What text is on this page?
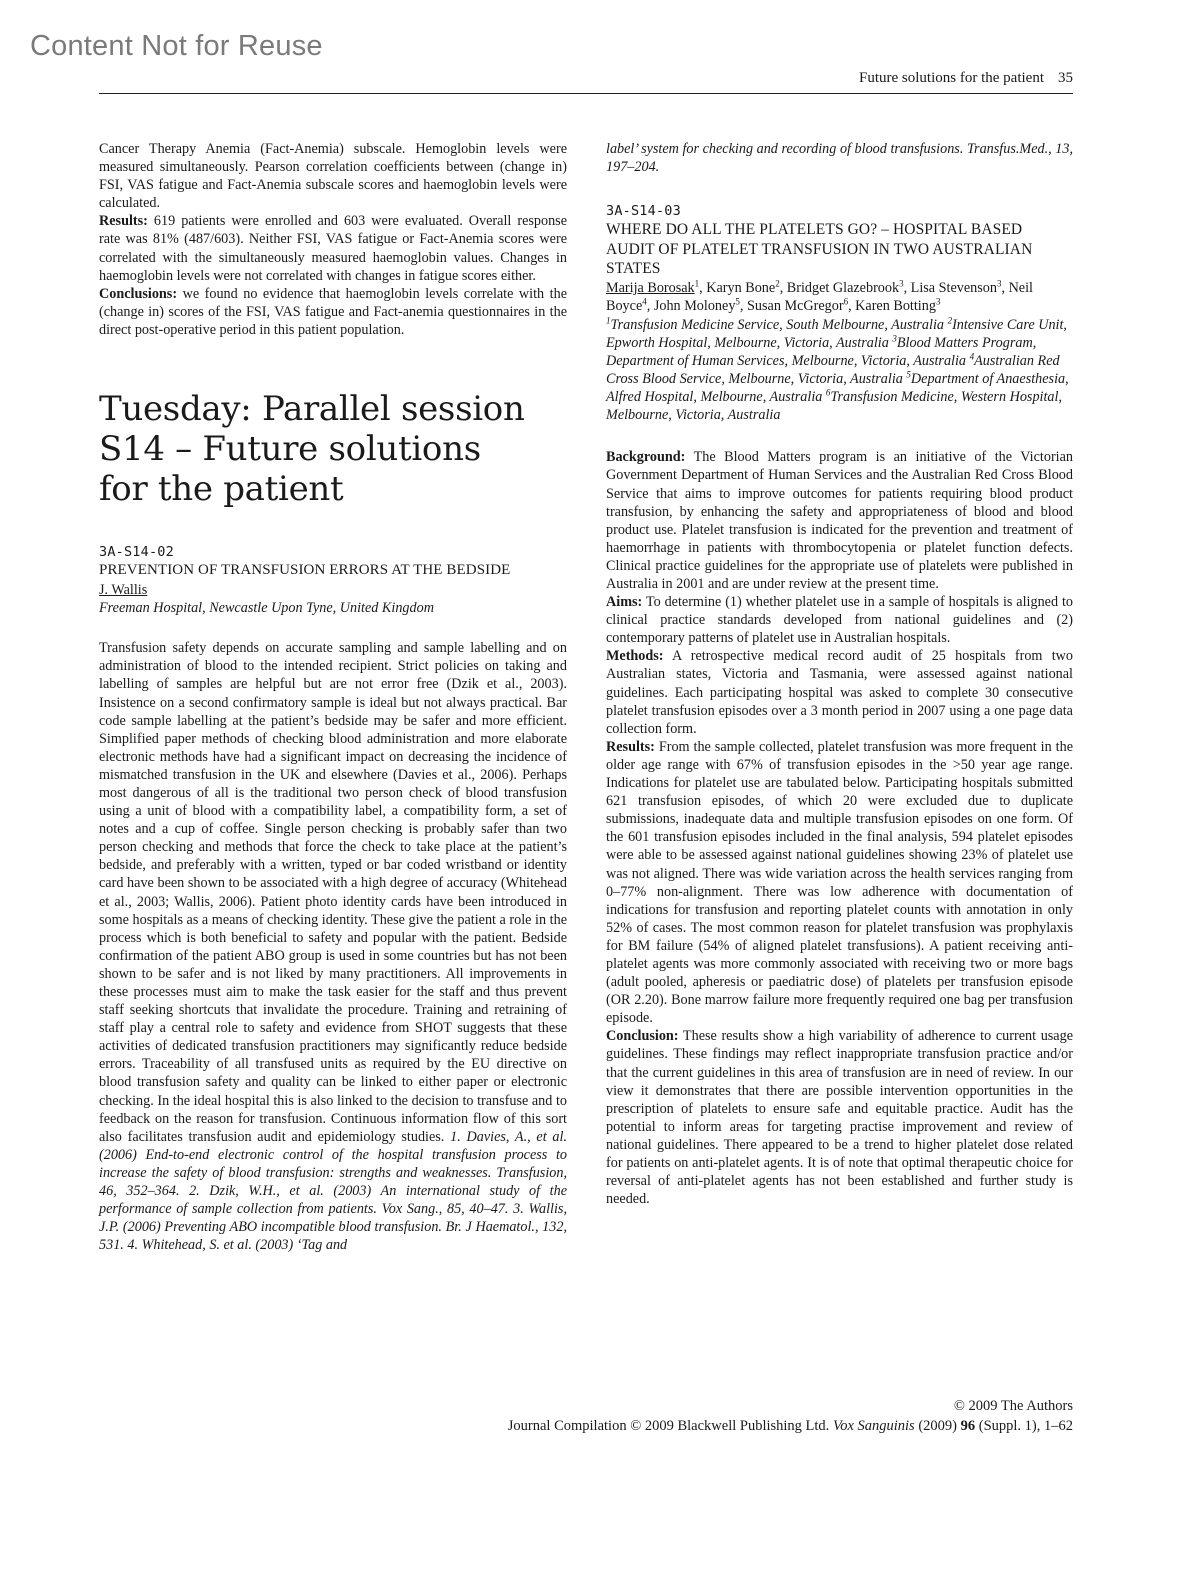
Content Not for Reuse
Future solutions for the patient 35

Cancer Therapy Anemia (Fact-Anemia) subscale. Hemoglobin levels were measured simultaneously. Pearson correlation coefficients between (change in) FSI, VAS fatigue and Fact-Anemia subscale scores and haemoglobin levels were calculated.

Results: 619 patients were enrolled and 603 were evaluated. Overall response rate was 81% (487/603). Neither FSI, VAS fatigue or Fact-Anemia scores were correlated with the simultaneously measured haemoglobin values. Changes in haemoglobin levels were not correlated with changes in fatigue scores either.

Conclusions: we found no evidence that haemoglobin levels correlate with the (change in) scores of the FSI, VAS fatigue and Fact-anemia questionnaires in the direct post-operative period in this patient population.

Tuesday: Parallel session S14 – Future solutions for the patient
3A-S14-02
PREVENTION OF TRANSFUSION ERRORS AT THE BEDSIDE
J. Wallis
Freeman Hospital, Newcastle Upon Tyne, United Kingdom

Transfusion safety depends on accurate sampling and sample labelling and on administration of blood to the intended recipient. Strict policies on taking and labelling of samples are helpful but are not error free (Dzik et al., 2003). Insistence on a second confirmatory sample is ideal but not always practical. Bar code sample labelling at the patient’s bedside may be safer and more efficient. Simplified paper methods of checking blood administration and more elaborate electronic methods have had a significant impact on decreasing the incidence of mismatched transfusion in the UK and elsewhere (Davies et al., 2006). Perhaps most dangerous of all is the traditional two person check of blood transfusion using a unit of blood with a compatibility label, a compatibility form, a set of notes and a cup of coffee. Single person checking is probably safer than two person checking and methods that force the check to take place at the patient’s bedside, and preferably with a written, typed or bar coded wristband or identity card have been shown to be associated with a high degree of accuracy (Whitehead et al., 2003; Wallis, 2006). Patient photo identity cards have been introduced in some hospitals as a means of checking identity. These give the patient a role in the process which is both beneficial to safety and popular with the patient. Bedside confirmation of the patient ABO group is used in some countries but has not been shown to be safer and is not liked by many practitioners. All improvements in these processes must aim to make the task easier for the staff and thus prevent staff seeking shortcuts that invalidate the procedure. Training and retraining of staff play a central role to safety and evidence from SHOT suggests that these activities of dedicated transfusion practitioners may significantly reduce bedside errors. Traceability of all transfused units as required by the EU directive on blood transfusion safety and quality can be linked to either paper or electronic checking. In the ideal hospital this is also linked to the decision to transfuse and to feedback on the reason for transfusion. Continuous information flow of this sort also facilitates transfusion audit and epidemiology studies. 1. Davies, A., et al. (2006) End-to-end electronic control of the hospital transfusion process to increase the safety of blood transfusion: strengths and weaknesses. Transfusion, 46, 352–364. 2. Dzik, W.H., et al. (2003) An international study of the performance of sample collection from patients. Vox Sang., 85, 40–47. 3. Wallis, J.P. (2006) Preventing ABO incompatible blood transfusion. Br. J Haematol., 132, 531. 4. Whitehead, S. et al. (2003) ‘Tag and

label’ system for checking and recording of blood transfusions. Transfus.Med., 13, 197–204.

3A-S14-03
WHERE DO ALL THE PLATELETS GO? – HOSPITAL BASED AUDIT OF PLATELET TRANSFUSION IN TWO AUSTRALIAN STATES
Marija Borosak$^1$, Karyn Bone$^2$, Bridget Glazebrook$^3$, Lisa Stevenson$^3$, Neil Boyce$^4$, John Moloney$^5$, Susan McGregor$^6$, Karen Botting$^3$
$^1$Transfusion Medicine Service, South Melbourne, Australia $^2$Intensive Care Unit, Epworth Hospital, Melbourne, Victoria, Australia $^3$Blood Matters Program, Department of Human Services, Melbourne, Victoria, Australia $^4$Australian Red Cross Blood Service, Melbourne, Victoria, Australia $^5$Department of Anaesthesia, Alfred Hospital, Melbourne, Australia $^6$Transfusion Medicine, Western Hospital, Melbourne, Victoria, Australia

Background: The Blood Matters program is an initiative of the Victorian Government Department of Human Services and the Australian Red Cross Blood Service that aims to improve outcomes for patients requiring blood product transfusion, by enhancing the safety and appropriateness of blood and blood product use. Platelet transfusion is indicated for the prevention and treatment of haemorrhage in patients with thrombocytopenia or platelet function defects. Clinical practice guidelines for the appropriate use of platelets were published in Australia in 2001 and are under review at the present time.

Aims: To determine (1) whether platelet use in a sample of hospitals is aligned to clinical practice standards developed from national guidelines and (2) contemporary patterns of platelet use in Australian hospitals.

Methods: A retrospective medical record audit of 25 hospitals from two Australian states, Victoria and Tasmania, were assessed against national guidelines. Each participating hospital was asked to complete 30 consecutive platelet transfusion episodes over a 3 month period in 2007 using a one page data collection form.

Results: From the sample collected, platelet transfusion was more frequent in the older age range with 67% of transfusion episodes in the >50 year age range. Indications for platelet use are tabulated below. Participating hospitals submitted 621 transfusion episodes, of which 20 were excluded due to duplicate submissions, inadequate data and multiple transfusion episodes on one form. Of the 601 transfusion episodes included in the final analysis, 594 platelet episodes were able to be assessed against national guidelines showing 23% of platelet use was not aligned. There was wide variation across the health services ranging from 0–77% non-alignment. There was low adherence with documentation of indications for transfusion and reporting platelet counts with annotation in only 52% of cases. The most common reason for platelet transfusion was prophylaxis for BM failure (54% of aligned platelet transfusions). A patient receiving anti-platelet agents was more commonly associated with receiving two or more bags (adult pooled, apheresis or paediatric dose) of platelets per transfusion episode (OR 2.20). Bone marrow failure more frequently required one bag per transfusion episode.

Conclusion: These results show a high variability of adherence to current usage guidelines. These findings may reflect inappropriate transfusion practice and/or that the current guidelines in this area of transfusion are in need of review. In our view it demonstrates that there are possible intervention opportunities in the prescription of platelets to ensure safe and equitable practice. Audit has the potential to inform areas for targeting practise improvement and review of national guidelines. There appeared to be a trend to higher platelet dose related for patients on anti-platelet agents. It is of note that optimal therapeutic choice for reversal of anti-platelet agents has not been established and further study is needed.

© 2009 The Authors
Journal Compilation © 2009 Blackwell Publishing Ltd. Vox Sanguinis (2009) 96 (Suppl. 1), 1–62
